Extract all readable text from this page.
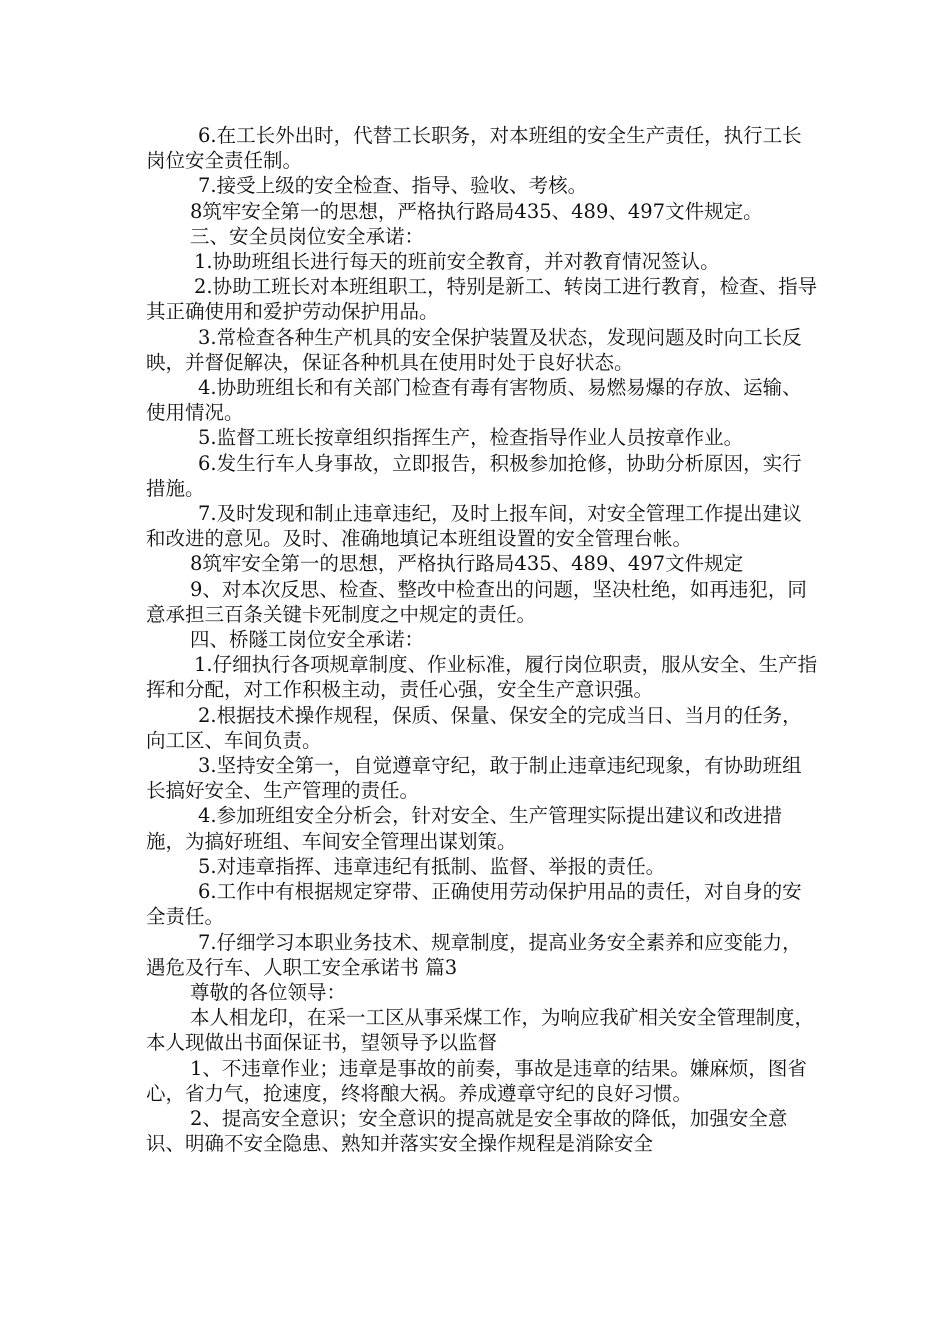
6.在工长外出时，代替工长职务，对本班组的安全生产责任，执行工长岗位安全责任制。

7.接受上级的安全检查、指导、验收、考核。

8筑牢安全第一的思想，严格执行路局435、489、497文件规定。

三、安全员岗位安全承诺：

1.协助班组长进行每天的班前安全教育，并对教育情况签认。

2.协助工班长对本班组职工，特别是新工、转岗工进行教育，检查、指导其正确使用和爱护劳动保护用品。

3.常检查各种生产机具的安全保护装置及状态，发现问题及时向工长反映，并督促解决，保证各种机具在使用时处于良好状态。

4.协助班组长和有关部门检查有毒有害物质、易燃易爆的存放、运输、使用情况。

5.监督工班长按章组织指挥生产，检查指导作业人员按章作业。

6.发生行车人身事故，立即报告，积极参加抢修，协助分析原因，实行措施。

7.及时发现和制止违章违纪，及时上报车间，对安全管理工作提出建议和改进的意见。及时、准确地填记本班组设置的安全管理台帐。

8筑牢安全第一的思想，严格执行路局435、489、497文件规定

9、对本次反思、检查、整改中检查出的问题，坚决杜绝，如再违犯，同意承担三百条关键卡死制度之中规定的责任。

四、桥隧工岗位安全承诺：

1.仔细执行各项规章制度、作业标准，履行岗位职责，服从安全、生产指挥和分配，对工作积极主动，责任心强，安全生产意识强。

2.根据技术操作规程，保质、保量、保安全的完成当日、当月的任务，向工区、车间负责。

3.坚持安全第一，自觉遵章守纪，敢于制止违章违纪现象，有协助班组长搞好安全、生产管理的责任。

4.参加班组安全分析会，针对安全、生产管理实际提出建议和改进措施，为搞好班组、车间安全管理出谋划策。

5.对违章指挥、违章违纪有抵制、监督、举报的责任。

6.工作中有根据规定穿带、正确使用劳动保护用品的责任，对自身的安全责任。

7.仔细学习本职业务技术、规章制度，提高业务安全素养和应变能力，遇危及行车、人职工安全承诺书 篇3

尊敬的各位领导：

本人相龙印，在采一工区从事采煤工作，为响应我矿相关安全管理制度，本人现做出书面保证书，望领导予以监督

1、不违章作业；违章是事故的前奏，事故是违章的结果。嫌麻烦，图省心，省力气，抢速度，终将酿大祸。养成遵章守纪的良好习惯。

2、提高安全意识；安全意识的提高就是安全事故的降低，加强安全意识、明确不安全隐患、熟知并落实安全操作规程是消除安全
